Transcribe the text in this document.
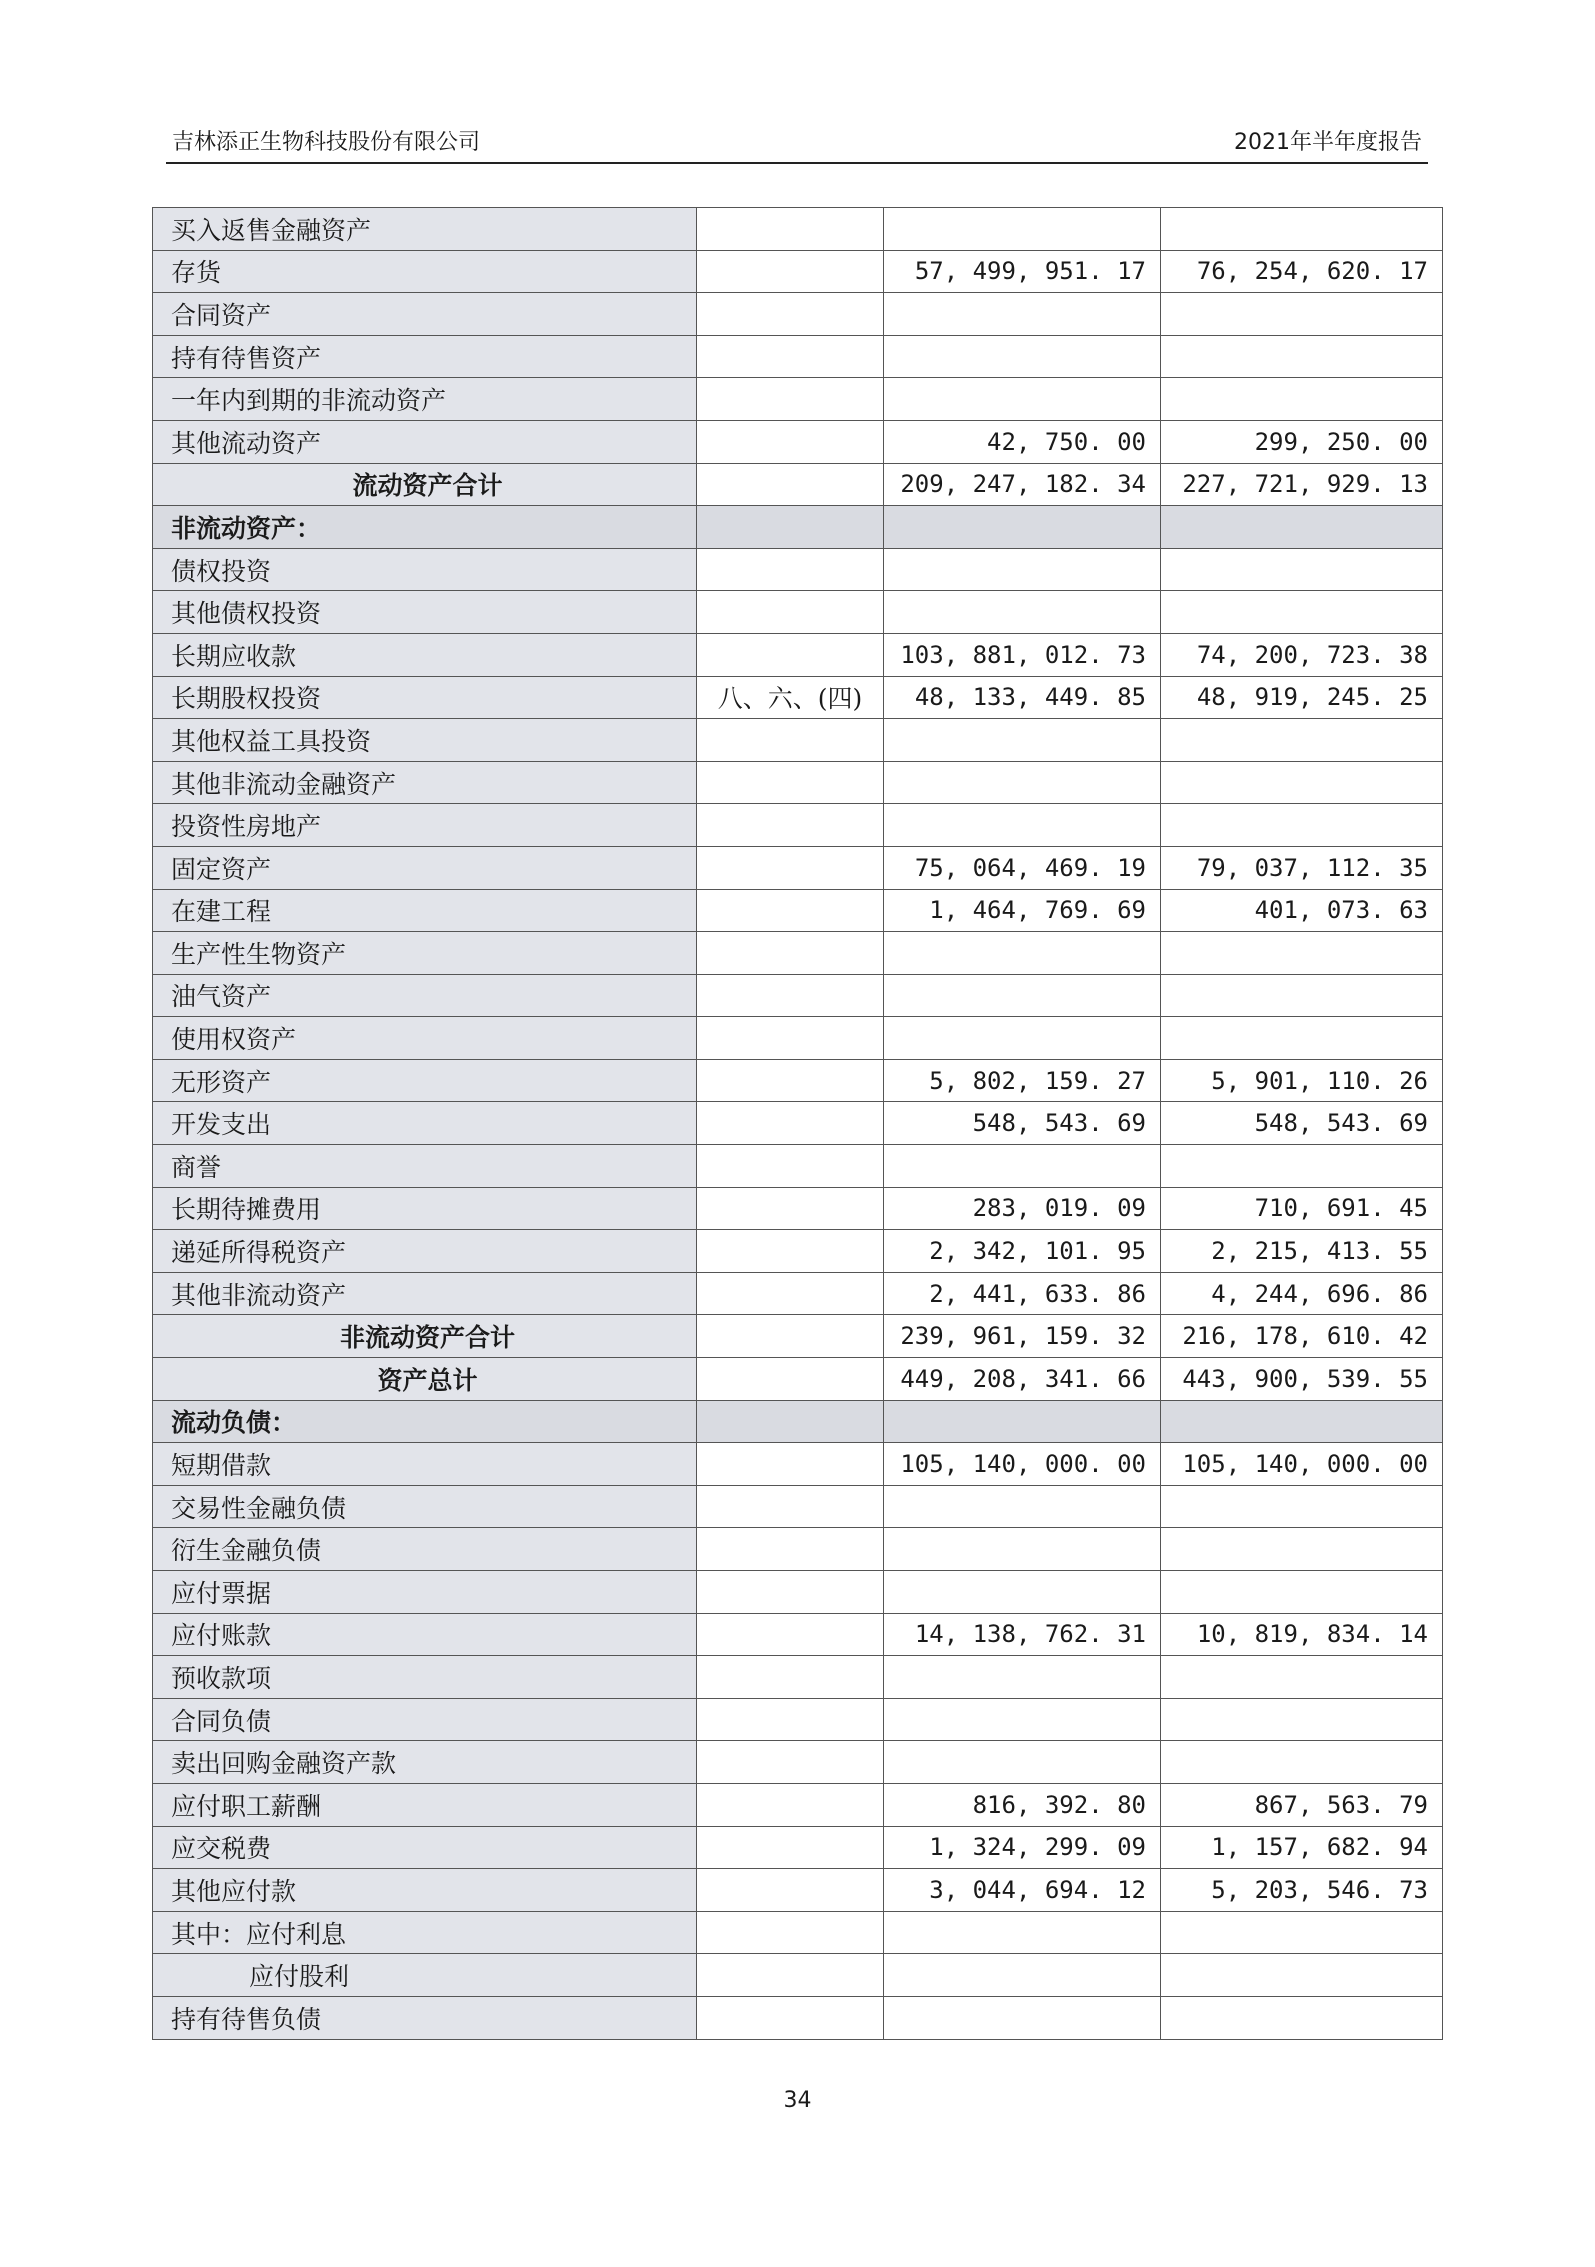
吉林添正生物科技股份有限公司	2021年半年度报告
买入返售金融资产			
存货		57, 499, 951. 17	76, 254, 620. 17
合同资产			
持有待售资产			
一年内到期的非流动资产			
其他流动资产		42, 750. 00	299, 250. 00
流动资产合计		209, 247, 182. 34	227, 721, 929. 13
非流动资产：			
债权投资			
其他债权投资			
长期应收款		103, 881, 012. 73	74, 200, 723. 38
长期股权投资	八、六、(四)	48, 133, 449. 85	48, 919, 245. 25
其他权益工具投资			
其他非流动金融资产			
投资性房地产			
固定资产		75, 064, 469. 19	79, 037, 112. 35
在建工程		1, 464, 769. 69	401, 073. 63
生产性生物资产			
油气资产			
使用权资产			
无形资产		5, 802, 159. 27	5, 901, 110. 26
开发支出		548, 543. 69	548, 543. 69
商誉			
长期待摊费用		283, 019. 09	710, 691. 45
递延所得税资产		2, 342, 101. 95	2, 215, 413. 55
其他非流动资产		2, 441, 633. 86	4, 244, 696. 86
非流动资产合计		239, 961, 159. 32	216, 178, 610. 42
资产总计		449, 208, 341. 66	443, 900, 539. 55
流动负债：			
短期借款		105, 140, 000. 00	105, 140, 000. 00
交易性金融负债			
衍生金融负债			
应付票据			
应付账款		14, 138, 762. 31	10, 819, 834. 14
预收款项			
合同负债			
卖出回购金融资产款			
应付职工薪酬		816, 392. 80	867, 563. 79
应交税费		1, 324, 299. 09	1, 157, 682. 94
其他应付款		3, 044, 694. 12	5, 203, 546. 73
其中：应付利息			
应付股利			
持有待售负债			
34
